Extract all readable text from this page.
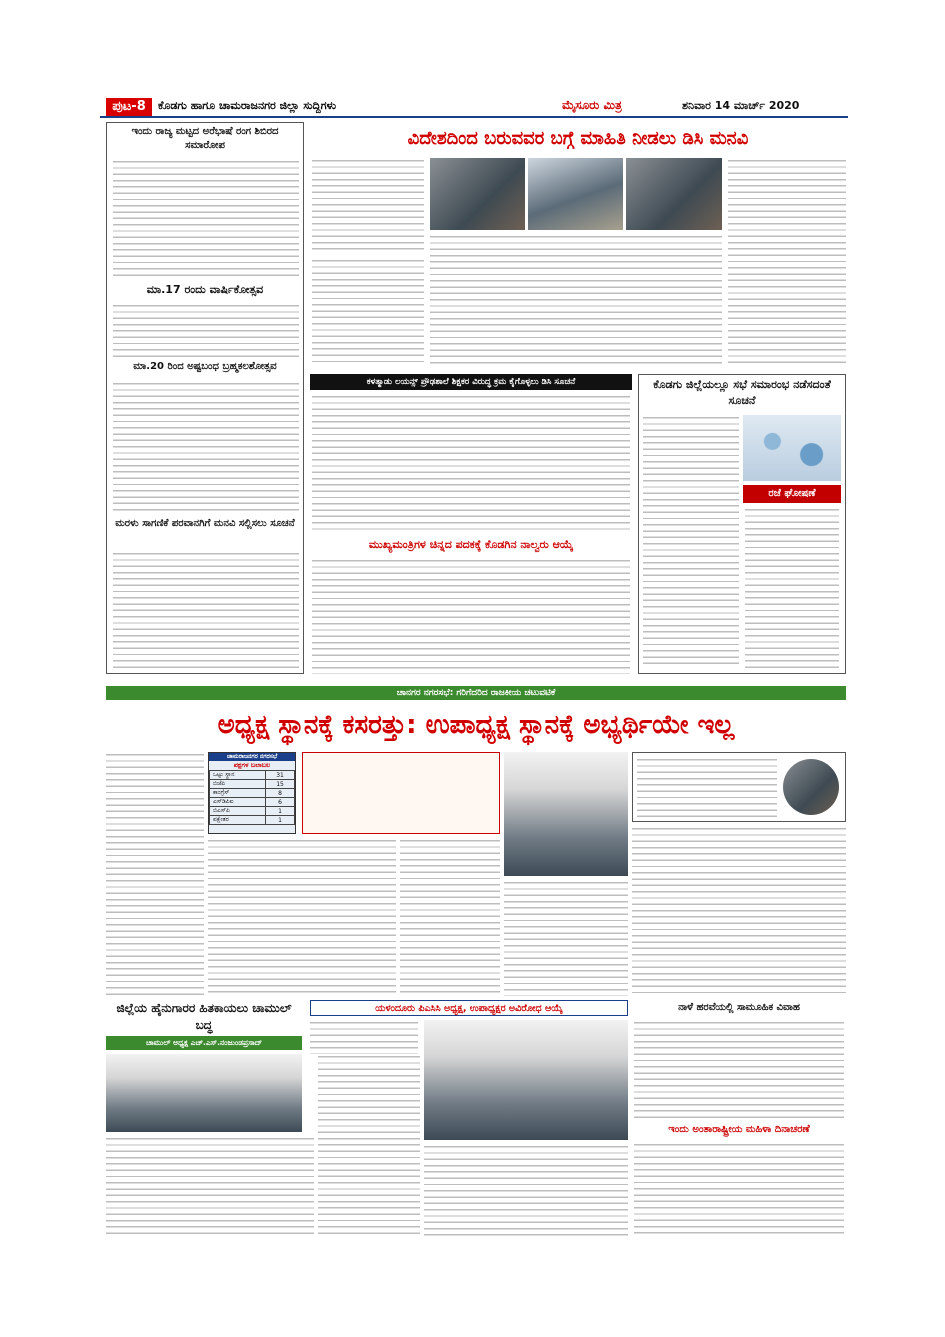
ಪುಟ-8	ಕೊಡಗು ಹಾಗೂ ಚಾಮರಾಜನಗರ ಜಿಲ್ಲಾ ಸುದ್ದಿಗಳು	ಮೈಸೂರು ಮಿತ್ರ	ಶನಿವಾರ 14 ಮಾರ್ಚ್ 2020
ಇಂದು ರಾಜ್ಯ ಮಟ್ಟದ ಅರೆಭಾಷೆ ರಂಗ ಶಿಬಿರದ ಸಮಾರೋಪ
ಮಾ.17 ರಂದು ವಾರ್ಷಿಕೋತ್ಸವ
ಮಾ.20 ರಿಂದ ಅಷ್ಟಬಂಧ ಬ್ರಹ್ಮಕಲಶೋತ್ಸವ
ಮರಳು ಸಾಗಣಿಕೆ ಪರವಾನಗಿಗೆ ಮನವಿ ಸಲ್ಲಿಸಲು ಸೂಚನೆ
ವಿದೇಶದಿಂದ ಬರುವವರ ಬಗ್ಗೆ ಮಾಹಿತಿ ನೀಡಲು ಡಿಸಿ ಮನವಿ
ಕಳತ್ಮಾಡು ಲಯನ್ಸ್ ಪ್ರೌಢಶಾಲೆ ಶಿಕ್ಷಕರ ವಿರುದ್ಧ ಕ್ರಮ ಕೈಗೊಳ್ಳಲು ಡಿಸಿ ಸೂಚನೆ
ಮುಖ್ಯಮಂತ್ರಿಗಳ ಚಿನ್ನದ ಪದಕಕ್ಕೆ ಕೊಡಗಿನ ನಾಲ್ವರು ಆಯ್ಕೆ
ಕೊಡಗು ಜಿಲ್ಲೆಯಲ್ಲೂ ಸಭೆ ಸಮಾರಂಭ ನಡೆಸದಂತೆ ಸೂಚನೆ
ರಜೆ ಘೋಷಣೆ
ಚಾನಗರ ನಗರಸಭೆ: ಗರಿಗೆದರಿದ ರಾಜಕೀಯ ಚಟುವಟಿಕೆ
ಅಧ್ಯಕ್ಷ ಸ್ಥಾನಕ್ಕೆ ಕಸರತ್ತು: ಉಪಾಧ್ಯಕ್ಷ ಸ್ಥಾನಕ್ಕೆ ಅಭ್ಯರ್ಥಿಯೇ ಇಲ್ಲ
ಚಾಮರಾಜನಗರ ನಗರಸಭೆ
ಪಕ್ಷಗಳ ಬಲಾಬಲ
ಒಟ್ಟು ಸ್ಥಾನ	31
ಬಿಜೆಪಿ	15
ಕಾಂಗ್ರೆಸ್	8
ಎಸ್‌ಡಿಪಿಐ	6
ಬಿಎಸ್‌ಪಿ	1
ಪಕ್ಷೇತರ	1
ಜಿಲ್ಲೆಯ ಹೈನುಗಾರರ ಹಿತಕಾಯಲು ಚಾಮುಲ್ ಬದ್ಧ
ಚಾಮುಲ್ ಅಧ್ಯಕ್ಷ ಎಚ್.ಎಸ್.ನಂಜುಂಡಪ್ರಸಾದ್
ಯಳಂದೂರು ಪಿಎಸಿಸಿ ಅಧ್ಯಕ್ಷ, ಉಪಾಧ್ಯಕ್ಷರ ಅವಿರೋಧ ಆಯ್ಕೆ	ನಾಳೆ ಹರವೆಯಲ್ಲಿ ಸಾಮೂಹಿಕ ವಿವಾಹ
ಇಂದು ಅಂತಾರಾಷ್ಟ್ರೀಯ ಮಹಿಳಾ ದಿನಾಚರಣೆ
